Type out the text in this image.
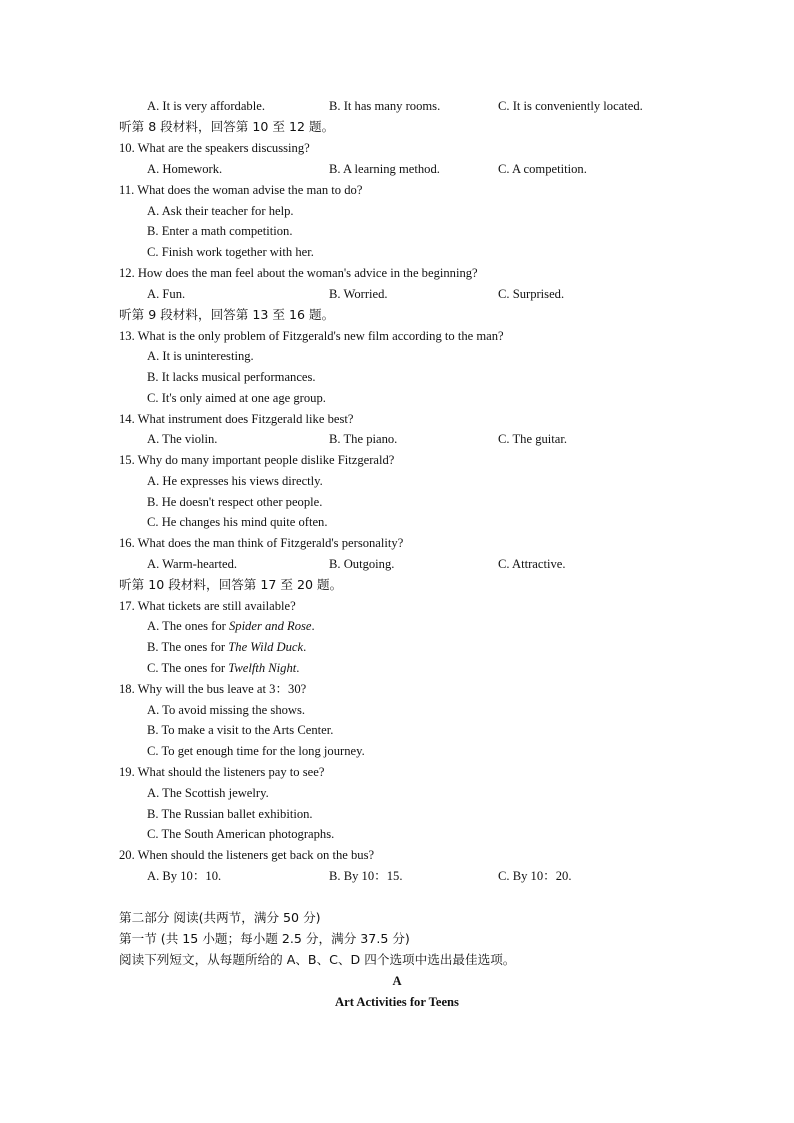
A. It is very affordable.	B. It has many rooms.	C. It is conveniently located.
听第 8 段材料，回答第 10 至 12 题。
10. What are the speakers discussing?
A. Homework.	B. A learning method.	C. A competition.
11. What does the woman advise the man to do?
A. Ask their teacher for help.
B. Enter a math competition.
C. Finish work together with her.
12. How does the man feel about the woman's advice in the beginning?
A. Fun.	B. Worried.	C. Surprised.
听第 9 段材料，回答第 13 至 16 题。
13. What is the only problem of Fitzgerald's new film according to the man?
A. It is uninteresting.
B. It lacks musical performances.
C. It's only aimed at one age group.
14. What instrument does Fitzgerald like best?
A. The violin.	B. The piano.	C. The guitar.
15. Why do many important people dislike Fitzgerald?
A. He expresses his views directly.
B. He doesn't respect other people.
C. He changes his mind quite often.
16. What does the man think of Fitzgerald's personality?
A. Warm-hearted.	B. Outgoing.	C. Attractive.
听第 10 段材料，回答第 17 至 20 题。
17. What tickets are still available?
A. The ones for Spider and Rose.
B. The ones for The Wild Duck.
C. The ones for Twelfth Night.
18. Why will the bus leave at 3：30?
A. To avoid missing the shows.
B. To make a visit to the Arts Center.
C. To get enough time for the long journey.
19. What should the listeners pay to see?
A. The Scottish jewelry.
B. The Russian ballet exhibition.
C. The South American photographs.
20. When should the listeners get back on the bus?
A. By 10：10.	B. By 10：15.	C. By 10：20.
第二部分 阅读(共两节，满分 50 分)
第一节 (共 15 小题；每小题 2.5 分，满分 37.5 分)
阅读下列短文，从每题所给的 A、B、C、D 四个选项中选出最佳选项。
A
Art Activities for Teens
